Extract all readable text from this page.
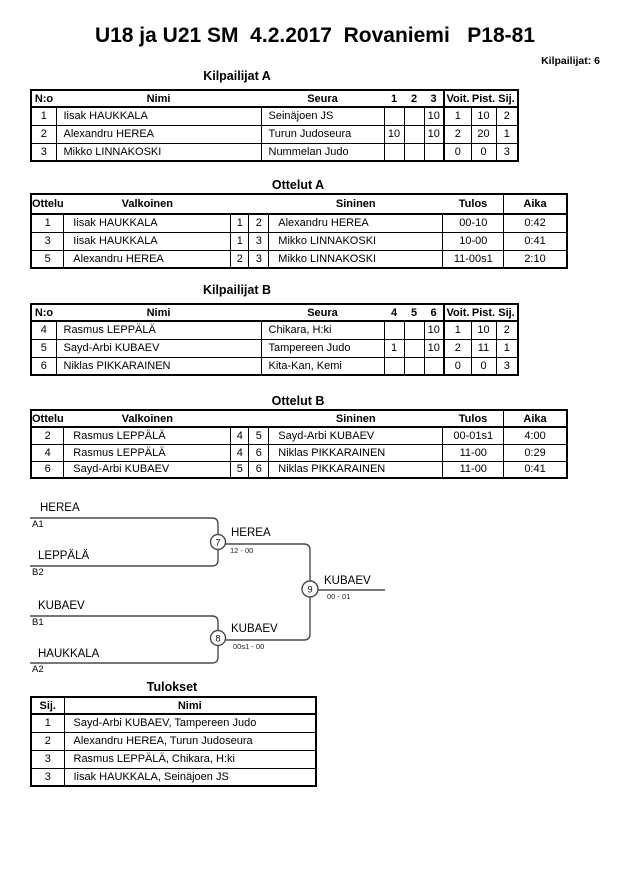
U18 ja U21 SM  4.2.2017  Rovaniemi   P18-81
Kilpailijat: 6
Kilpailijat A
N:o	Nimi	Seura	1	2	3	Voit.	Pist.	Sij.
1	Iisak HAUKKALA	Seinäjoen JS			10	1	10	2
2	Alexandru HEREA	Turun Judoseura	10		10	2	20	1
3	Mikko LINNAKOSKI	Nummelan Judo				0	0	3
Ottelut A
Ottelu	Valkoinen			Sininen	Tulos	Aika
1	Iisak HAUKKALA	1	2	Alexandru HEREA	00-10	0:42
3	Iisak HAUKKALA	1	3	Mikko LINNAKOSKI	10-00	0:41
5	Alexandru HEREA	2	3	Mikko LINNAKOSKI	11-00s1	2:10
Kilpailijat B
N:o	Nimi	Seura	4	5	6	Voit.	Pist.	Sij.
4	Rasmus LEPPÄLÄ	Chikara, H:ki			10	1	10	2
5	Sayd-Arbi KUBAEV	Tampereen Judo	1		10	2	11	1
6	Niklas PIKKARAINEN	Kita-Kan, Kemi				0	0	3
Ottelut B
Ottelu	Valkoinen			Sininen	Tulos	Aika
2	Rasmus LEPPÄLÄ	4	5	Sayd-Arbi KUBAEV	00-01s1	4:00
4	Rasmus LEPPÄLÄ	4	6	Niklas PIKKARAINEN	11-00	0:29
6	Sayd-Arbi KUBAEV	5	6	Niklas PIKKARAINEN	11-00	0:41
7
8
9
HEREA
A1
LEPPÄLÄ
B2
KUBAEV
B1
HAUKKALA
A2
HEREA
12 - 00
KUBAEV
00s1 - 00
KUBAEV
00 - 01
Tulokset
Sij.	Nimi
1	Sayd-Arbi KUBAEV, Tampereen Judo
2	Alexandru HEREA, Turun Judoseura
3	Rasmus LEPPÄLÄ, Chikara, H:ki
3	Iisak HAUKKALA, Seinäjoen JS
